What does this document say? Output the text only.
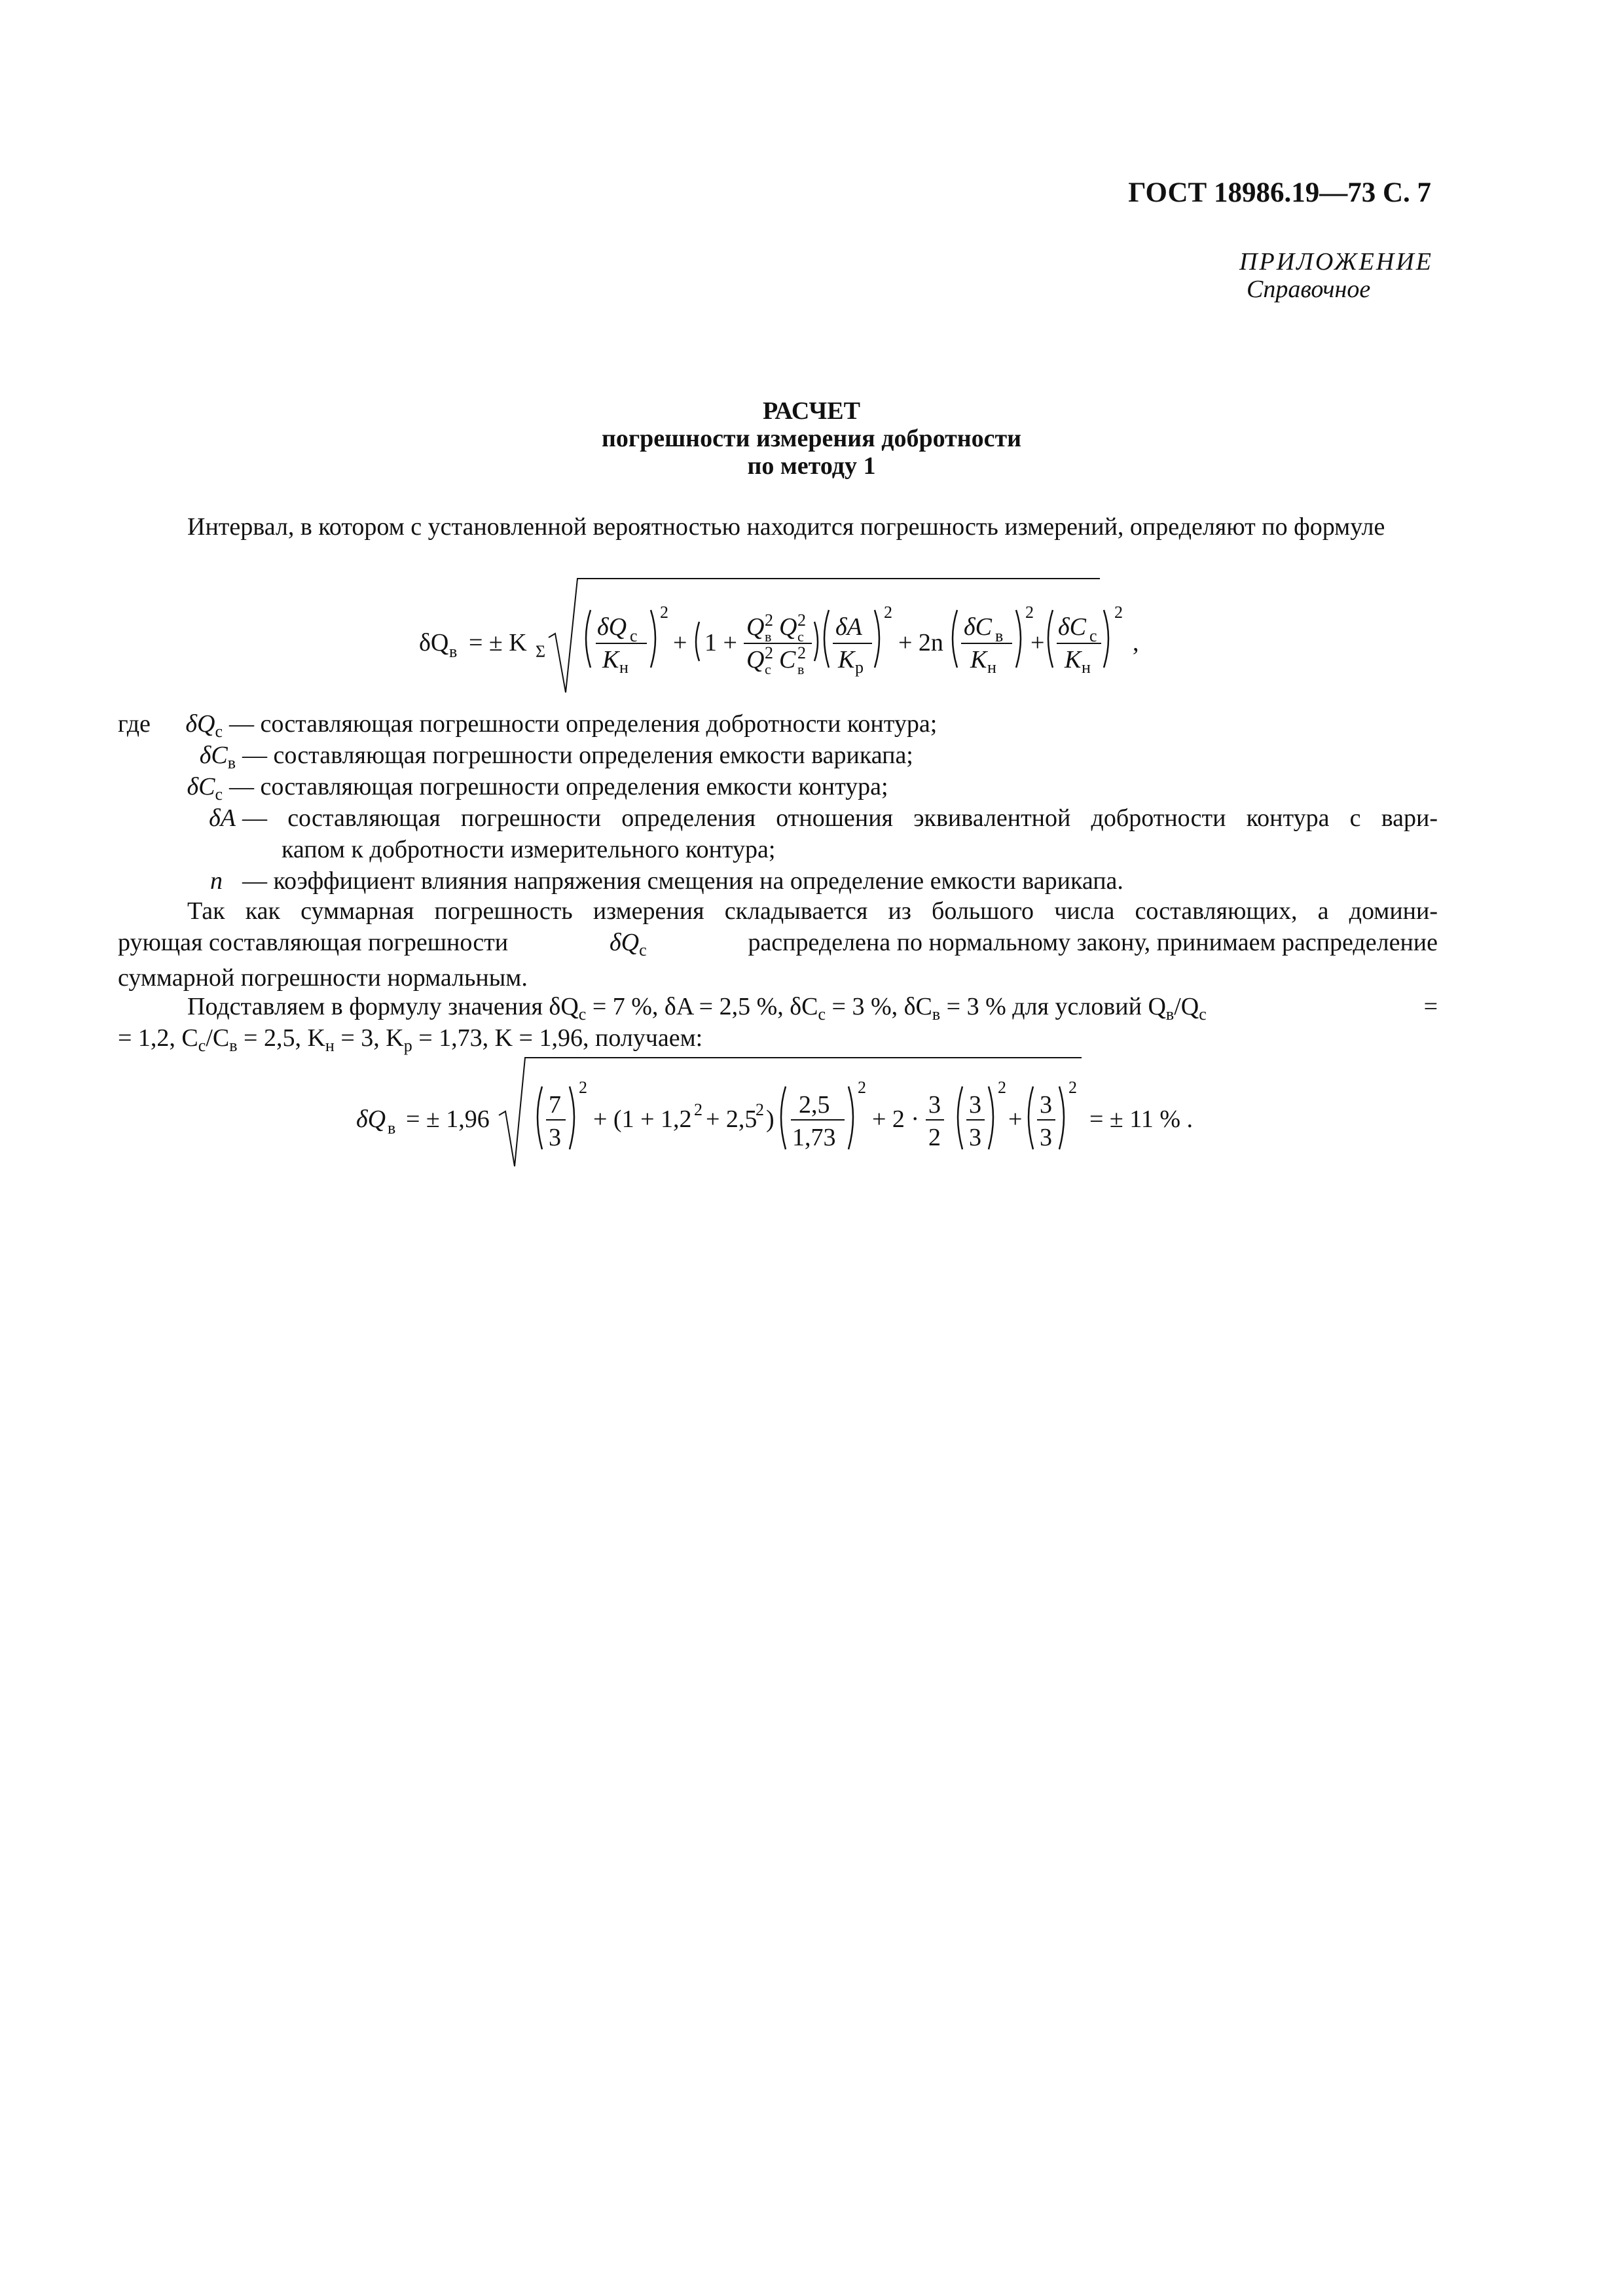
ГОСТ 18986.19—73 С. 7
ПРИЛОЖЕНИЕ
Справочное
РАСЧЕТ
погрешности измерения добротности
по методу 1
Интервал, в котором с установленной вероятностью находится погрешность измерений, определяют по формуле
δQ в = ± K Σ
δQ с
K н
2
+ 1 +
Q 2
в Q 2
с
Q 2
с C 2
в
δA
K р
2
+ 2n
δC в
K н
2
+
δC с
K н
2
,
где	$\delta Q_с$ — составляющая погрешности определения добротности контура;
$\delta C_в$ — составляющая погрешности определения емкости варикапа;
$\delta C_с$ — составляющая погрешности определения емкости контура;
δA — составляющая погрешности определения отношения эквивалентной добротности контура с вари-
капом к добротности измерительного контура;
n — коэффициент влияния напряжения смещения на определение емкости варикапа.
Так как суммарная погрешность измерения складывается из большого числа составляющих, а домини-
рующая составляющая погрешности	$\delta Q_с$	распределена по нормальному закону, принимаем распределение
суммарной погрешности нормальным.
Подставляем в формулу значения $\delta Q_с = 7$ %, δA = 2,5 %, $\delta C_с = 3$ %, $\delta C_в = 3$ % для условий $Q_в/Q_с$	=
= 1,2, $C_с/C_в = 2,5$, $K_н = 3$, $K_р = 1,73$, K = 1,96, получаем:
δQ в = ± 1,96
7
3
2
+ (1 + 1,2 2 + 2,5
2 )
2,5
1,73
2
+ 2 ·
3
2
3
3
2
+
3
3
2
= ± 11 % .
